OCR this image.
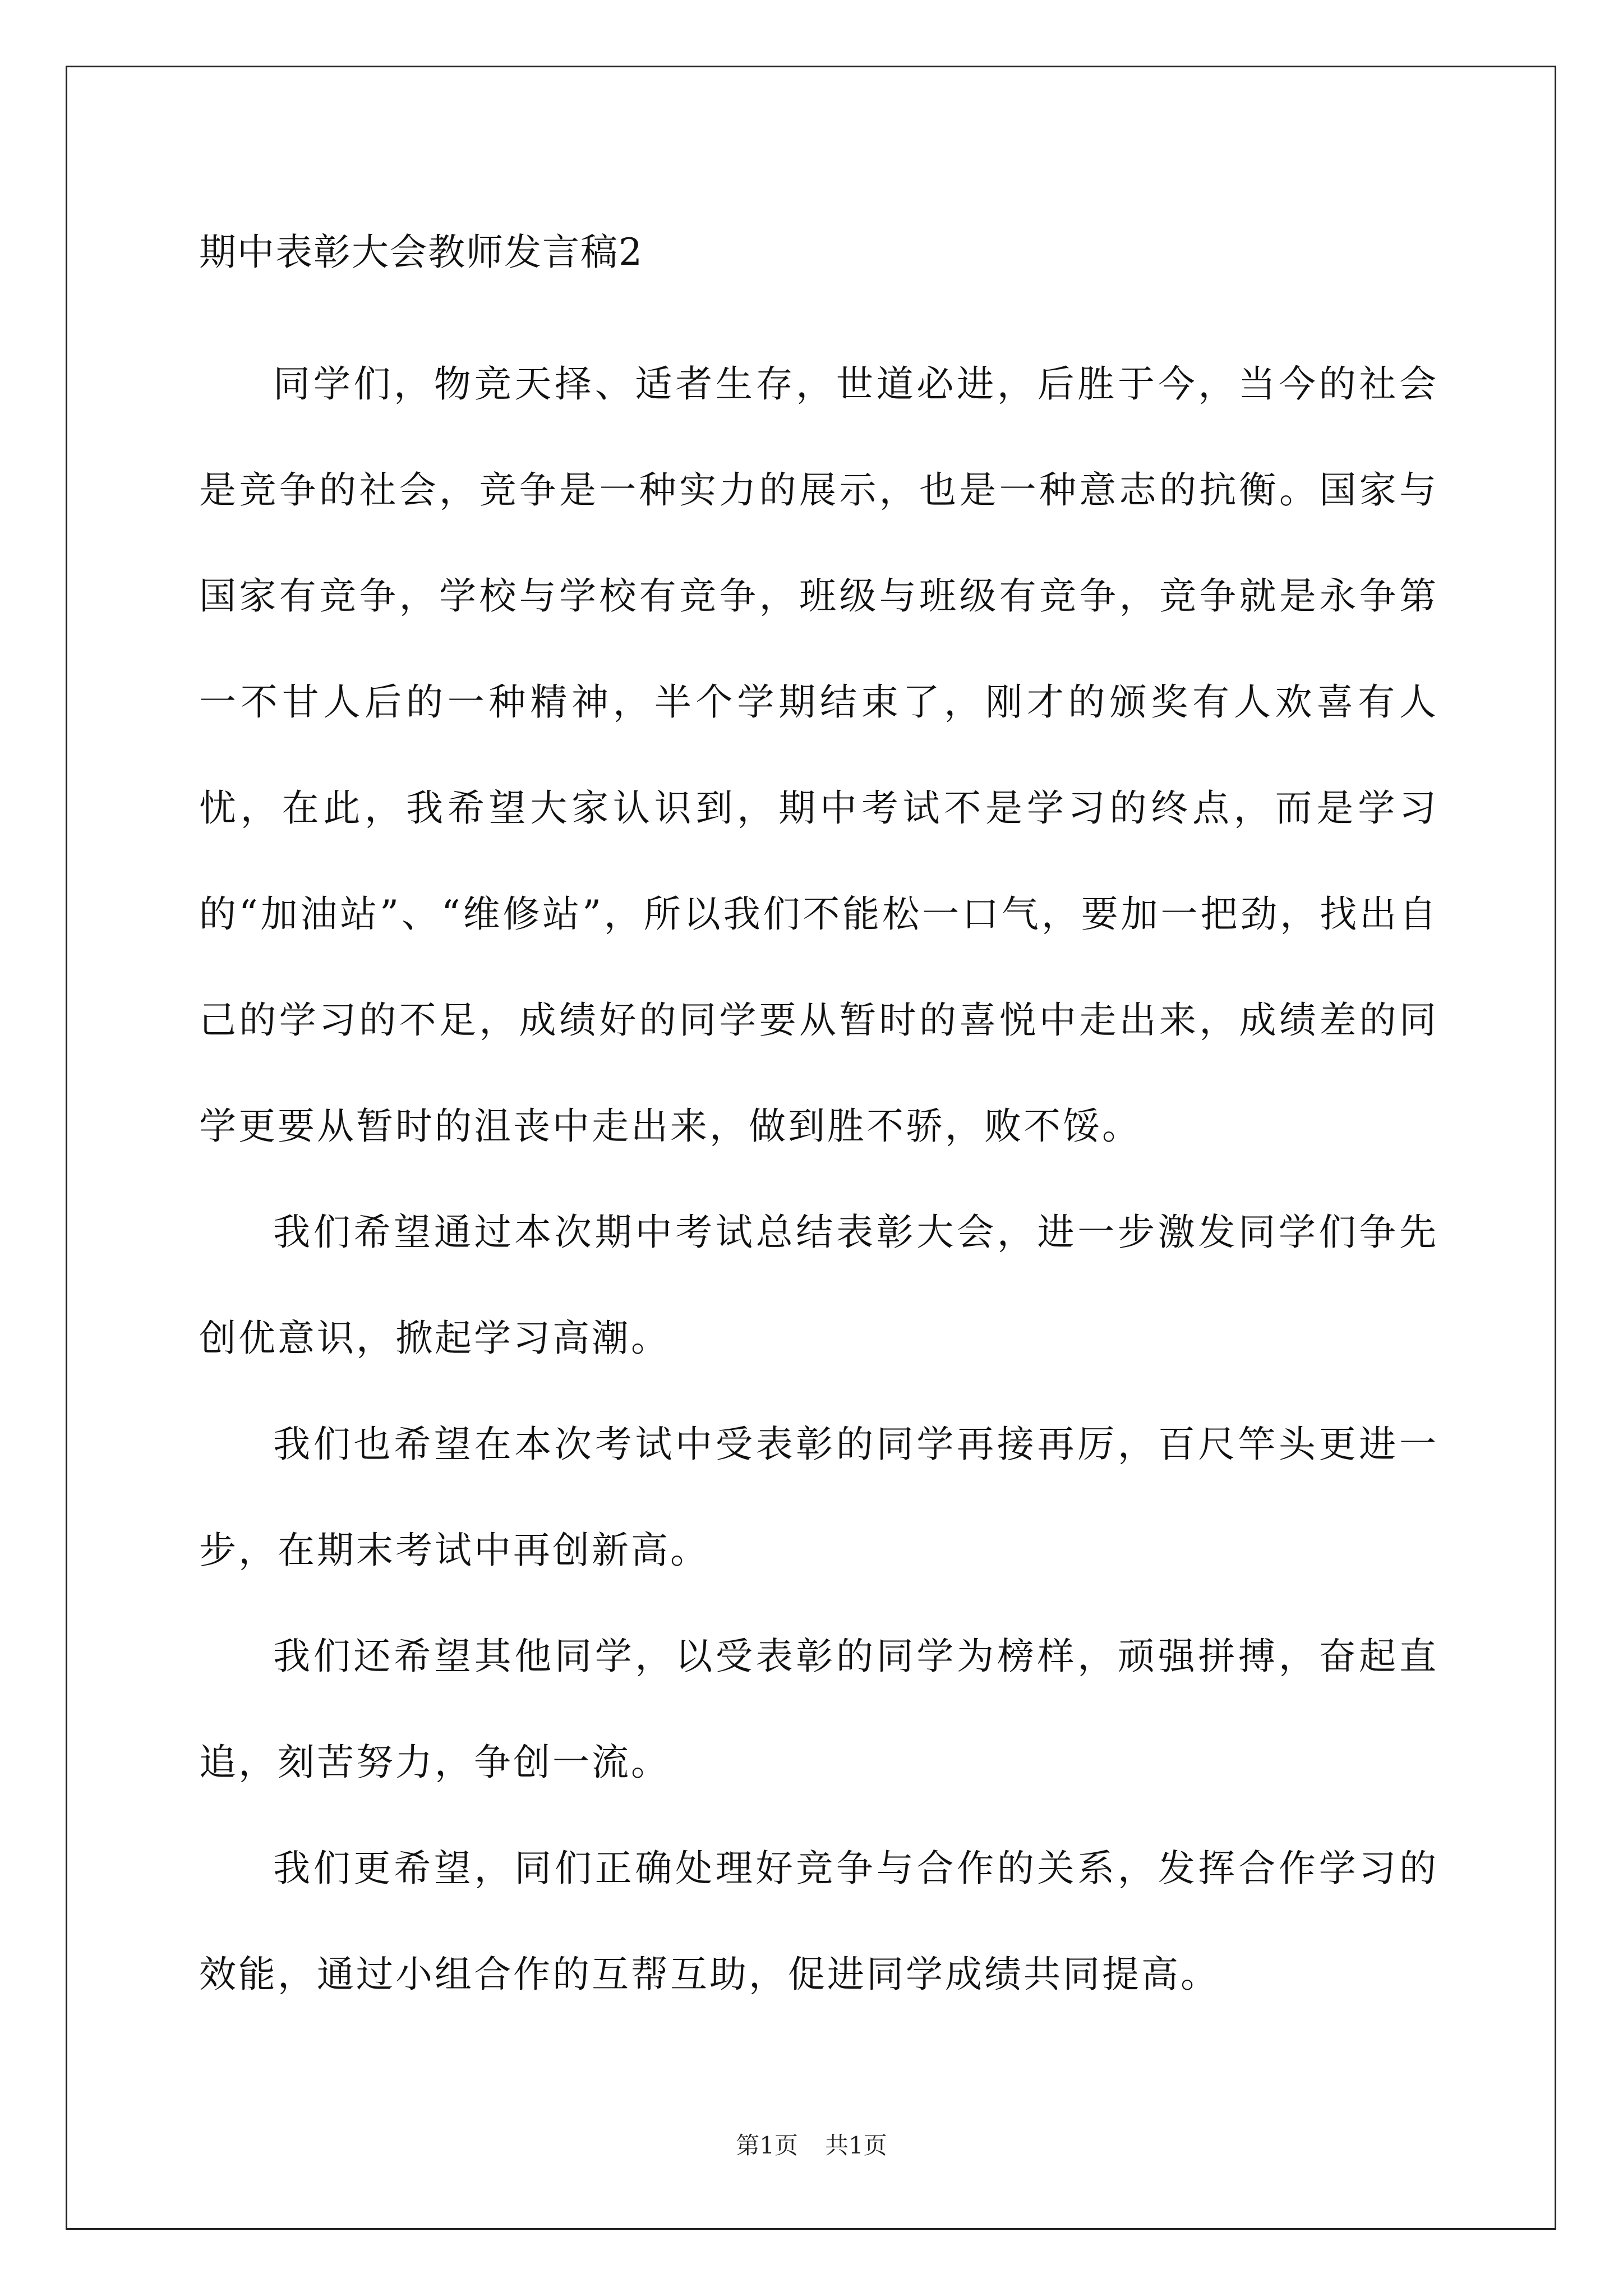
期中表彰大会教师发言稿2

同学们，物竞天择、适者生存，世道必进，后胜于今，当今的社会是竞争的社会，竞争是一种实力的展示，也是一种意志的抗衡。国家与国家有竞争，学校与学校有竞争，班级与班级有竞争，竞争就是永争第一不甘人后的一种精神，半个学期结束了，刚才的颁奖有人欢喜有人忧，在此，我希望大家认识到，期中考试不是学习的终点，而是学习的“加油站”、“维修站”，所以我们不能松一口气，要加一把劲，找出自己的学习的不足，成绩好的同学要从暂时的喜悦中走出来，成绩差的同学更要从暂时的沮丧中走出来，做到胜不骄，败不馁。

我们希望通过本次期中考试总结表彰大会，进一步激发同学们争先创优意识，掀起学习高潮。

我们也希望在本次考试中受表彰的同学再接再厉，百尺竿头更进一步，在期末考试中再创新高。

我们还希望其他同学，以受表彰的同学为榜样，顽强拼搏，奋起直追，刻苦努力，争创一流。

我们更希望，同们正确处理好竞争与合作的关系，发挥合作学习的效能，通过小组合作的互帮互助，促进同学成绩共同提高。

第1页 共1页
